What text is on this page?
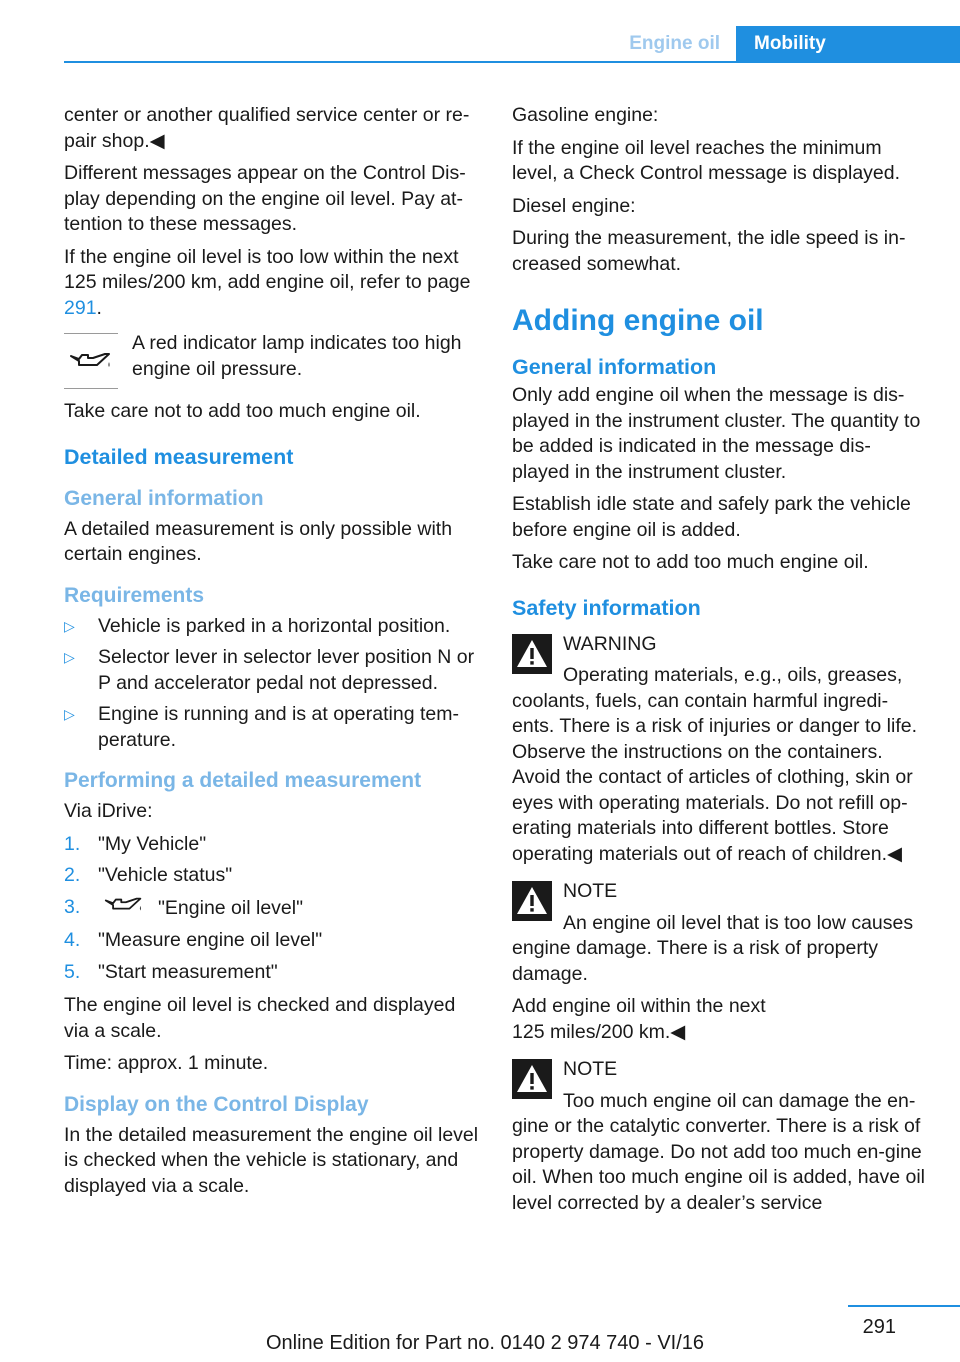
Engine oil	Mobility

center or another qualified service center or re‐pair shop.◀

Different messages appear on the Control Dis‐play depending on the engine oil level. Pay at‐tention to these messages.

If the engine oil level is too low within the next 125 miles/200 km, add engine oil, refer to page 291.

A red indicator lamp indicates too high engine oil pressure.

Take care not to add too much engine oil.

Detailed measurement
General information

A detailed measurement is only possible with certain engines.

Requirements
▷ Vehicle is parked in a horizontal position.
▷ Selector lever in selector lever position N or P and accelerator pedal not depressed.
▷ Engine is running and is at operating tem‐perature.
Performing a detailed measurement

Via iDrive:

1. "My Vehicle"
2. "Vehicle status"
3.	"Engine oil level"
4. "Measure engine oil level"
5. "Start measurement"

The engine oil level is checked and displayed via a scale.

Time: approx. 1 minute.

Display on the Control Display

In the detailed measurement the engine oil level is checked when the vehicle is stationary, and displayed via a scale.

Gasoline engine:

If the engine oil level reaches the minimum level, a Check Control message is displayed.

Diesel engine:

During the measurement, the idle speed is in‐creased somewhat.

Adding engine oil
General information

Only add engine oil when the message is dis‐played in the instrument cluster. The quantity to be added is indicated in the message dis‐played in the instrument cluster.

Establish idle state and safely park the vehicle before engine oil is added.

Take care not to add too much engine oil.

Safety information
WARNING
Operating materials, e.g., oils, greases,
coolants, fuels, can contain harmful ingredi‐ents. There is a risk of injuries or danger to life. Observe the instructions on the containers. Avoid the contact of articles of clothing, skin or eyes with operating materials. Do not refill op‐erating materials into different bottles. Store operating materials out of reach of children.◀
NOTE
An engine oil level that is too low causes

engine damage. There is a risk of property damage.

Add engine oil within the next 125 miles/200 km.◀

NOTE
Too much engine oil can damage the en‐
gine or the catalytic converter. There is a risk of property damage. Do not add too much en‐gine oil. When too much engine oil is added, have oil level corrected by a dealer’s service
291
Online Edition for Part no. 0140 2 974 740 - VI/16
